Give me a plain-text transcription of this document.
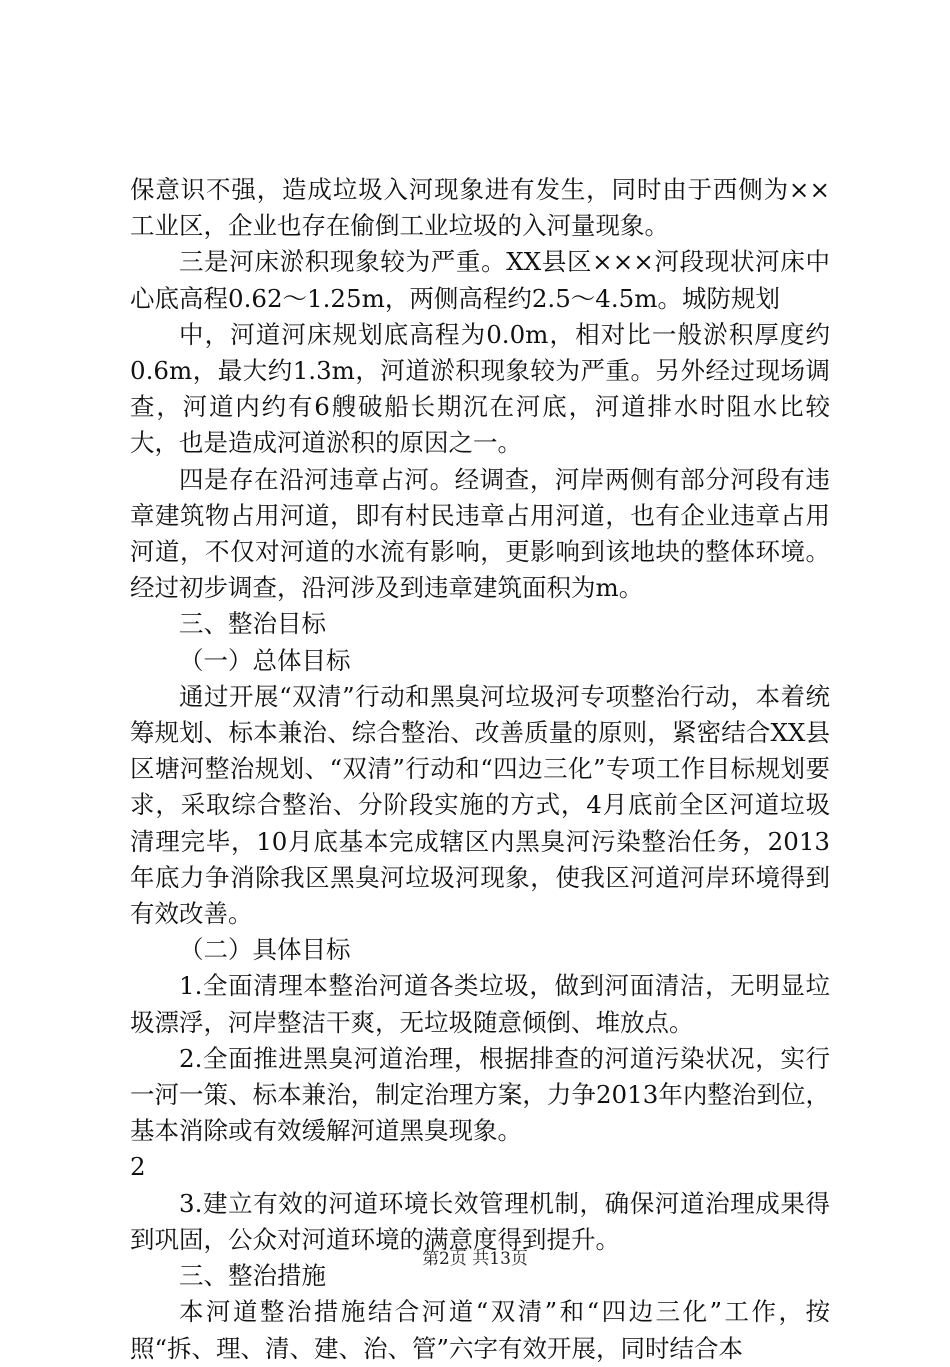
保意识不强，造成垃圾入河现象进有发生，同时由于西侧为××工业区，企业也存在偷倒工业垃圾的入河量现象。

三是河床淤积现象较为严重。XX县区×××河段现状河床中心底高程0.62～1.25m，两侧高程约2.5～4.5m。城防规划

中，河道河床规划底高程为0.0m，相对比一般淤积厚度约0.6m，最大约1.3m，河道淤积现象较为严重。另外经过现场调查，河道内约有6艘破船长期沉在河底，河道排水时阻水比较大，也是造成河道淤积的原因之一。

四是存在沿河违章占河。经调查，河岸两侧有部分河段有违章建筑物占用河道，即有村民违章占用河道，也有企业违章占用河道，不仅对河道的水流有影响，更影响到该地块的整体环境。经过初步调查，沿河涉及到违章建筑面积为m。

三、整治目标

（一）总体目标

通过开展“双清”行动和黑臭河垃圾河专项整治行动，本着统筹规划、标本兼治、综合整治、改善质量的原则，紧密结合XX县区塘河整治规划、“双清”行动和“四边三化”专项工作目标规划要求，采取综合整治、分阶段实施的方式，4月底前全区河道垃圾清理完毕，10月底基本完成辖区内黑臭河污染整治任务，2013年底力争消除我区黑臭河垃圾河现象，使我区河道河岸环境得到有效改善。

（二）具体目标

1.全面清理本整治河道各类垃圾，做到河面清洁，无明显垃圾漂浮，河岸整洁干爽，无垃圾随意倾倒、堆放点。

2.全面推进黑臭河道治理，根据排查的河道污染状况，实行一河一策、标本兼治，制定治理方案，力争2013年内整治到位，基本消除或有效缓解河道黑臭现象。

2

3.建立有效的河道环境长效管理机制，确保河道治理成果得到巩固，公众对河道环境的满意度得到提升。

三、整治措施

本河道整治措施结合河道“双清”和“四边三化”工作，按照“拆、理、清、建、治、管”六字有效开展，同时结合本

第2页 共13页
